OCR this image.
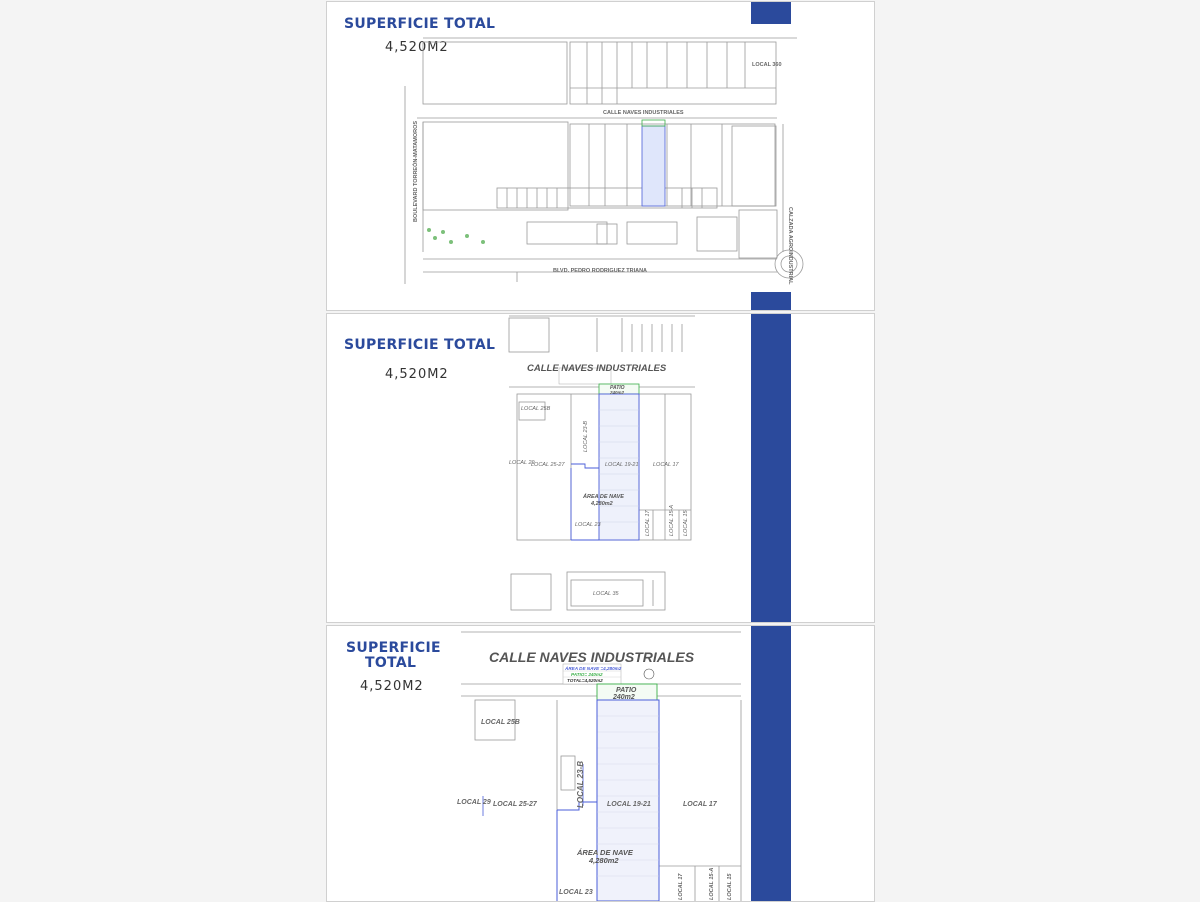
SUPERFICIE TOTAL
4,520M2
CALLE NAVES INDUSTRIALES
BLVD. PEDRO RODRIGUEZ TRIANA
BOULEVARD TORREÓN-MATAMOROS
CALZADA AGROINDUSTRIAL
LOCAL 360
SUPERFICIE TOTAL
4,520M2
LOCAL 25B
LOCAL 29
LOCAL 25-27
LOCAL 23-B
LOCAL 19-21	LOCAL 17
LOCAL 23	LOCAL 17	LOCAL 15-A LOCAL 15
LOCAL 35
CALLE NAVES INDUSTRIALES
PATIO
240m2
ÁREA DE NAVE
4,280m2
SUPERFICIE
TOTAL
4,520M2
LOCAL 25B
LOCAL 29 LOCAL 25-27	LOCAL 23-B	LOCAL 19-21	LOCAL 17
LOCAL 23	LOCAL 17	LOCAL 15-A LOCAL 15
CALLE NAVES INDUSTRIALES
PATIO
240m2
ÁREA DE NAVE
4,280m2
ÁREA DE NAVE =4,280m2
PATIO= 240m2
TOTAL=4,520m2
